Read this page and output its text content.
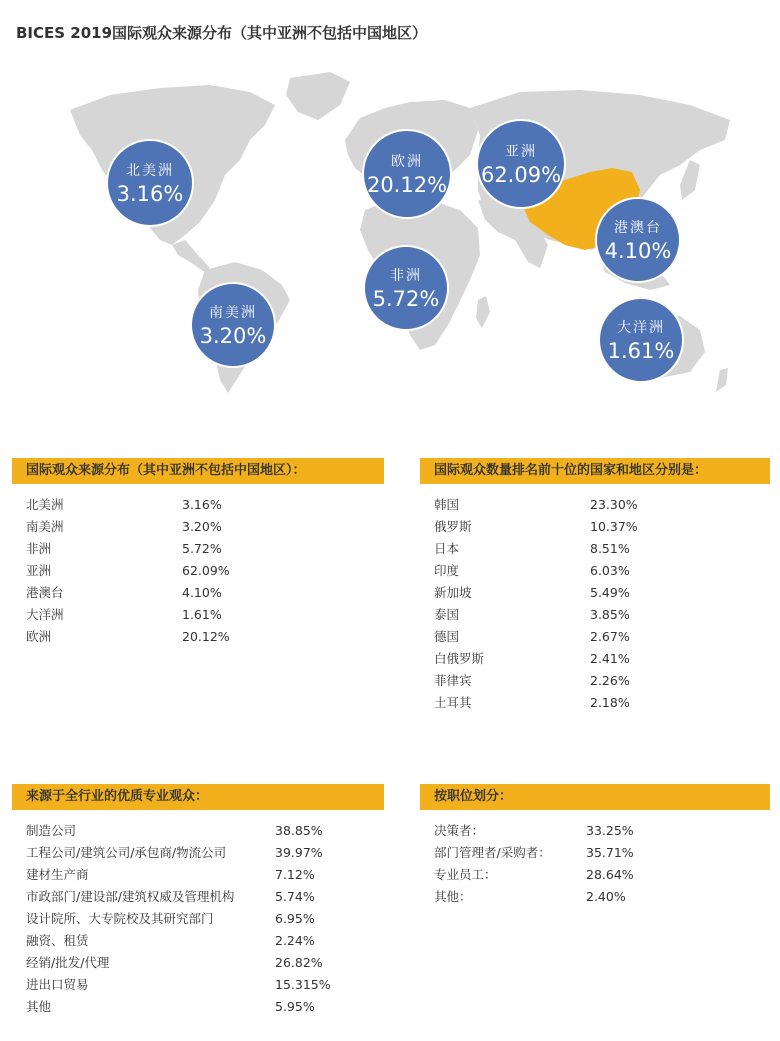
BICES 2019国际观众来源分布（其中亚洲不包括中国地区）
北美洲
3.16%
欧洲
20.12%
亚洲
62.09%
港澳台
4.10%
非洲
5.72%
南美洲
3.20%	大洋洲
1.61%
国际观众来源分布（其中亚洲不包括中国地区）：
北美洲	3.16%
南美洲	3.20%
非洲	5.72%
亚洲	62.09%
港澳台	4.10%
大洋洲	1.61%
欧洲	20.12%
国际观众数量排名前十位的国家和地区分别是：
韩国	23.30%
俄罗斯	10.37%
日本	8.51%
印度	6.03%
新加坡	5.49%
泰国	3.85%
德国	2.67%
白俄罗斯	2.41%
菲律宾	2.26%
土耳其	2.18%
来源于全行业的优质专业观众：
制造公司	38.85%
工程公司/建筑公司/承包商/物流公司	39.97%
建材生产商	7.12%
市政部门/建设部/建筑权威及管理机构	5.74%
设计院所、大专院校及其研究部门	6.95%
融资、租赁	2.24%
经销/批发/代理	26.82%
进出口贸易	15.315%
其他	5.95%
按职位划分：
决策者：	33.25%
部门管理者/采购者：	35.71%
专业员工：	28.64%
其他：	2.40%
